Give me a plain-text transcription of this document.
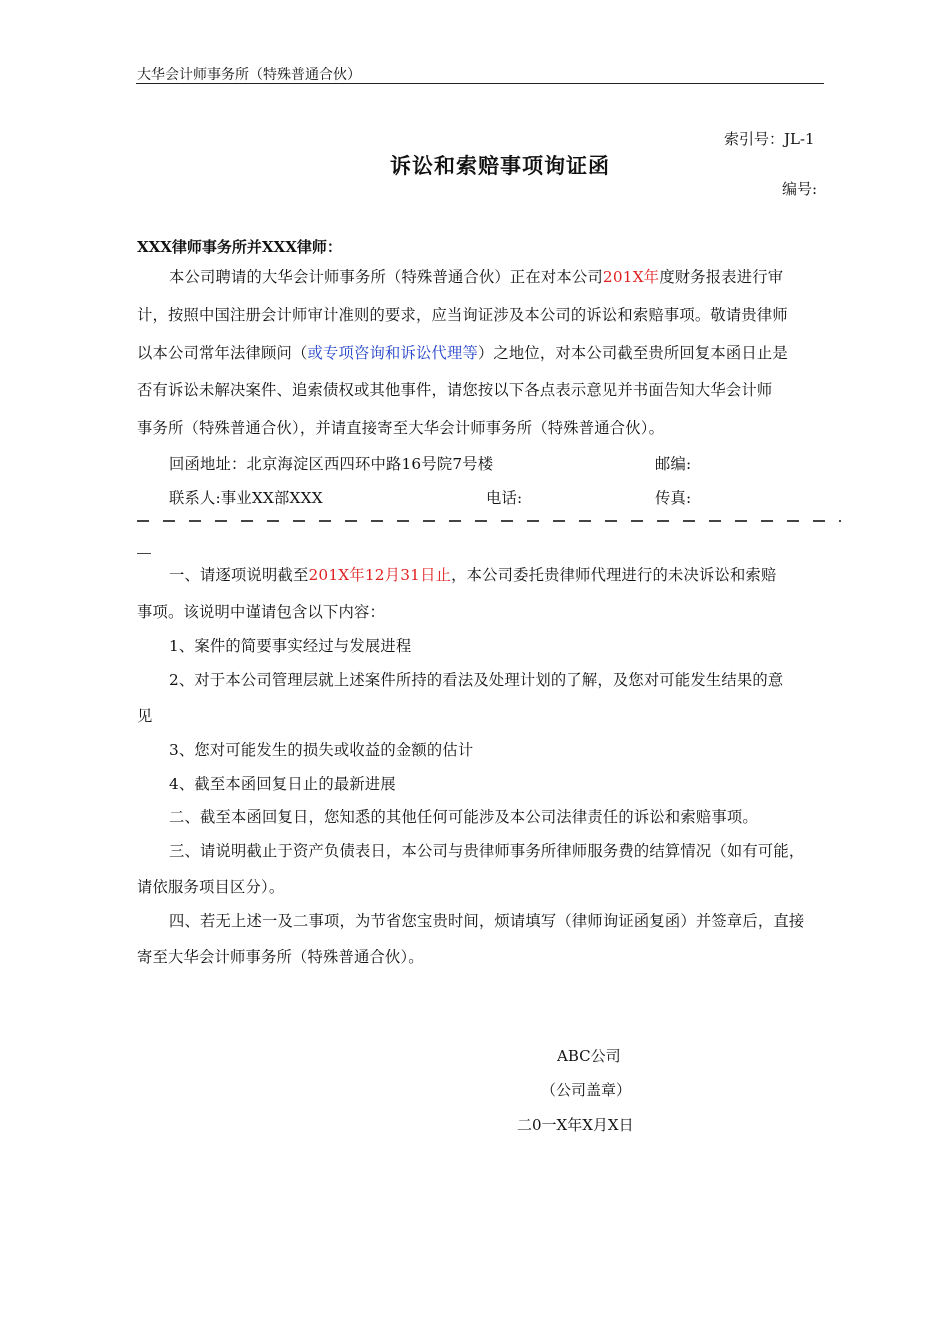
大华会计师事务所（特殊普通合伙）
索引号：JL-1
诉讼和索赔事项询证函
编号:
XXX律师事务所并XXX律师：
本公司聘请的大华会计师事务所（特殊普通合伙）正在对本公司201X年度财务报表进行审
计，按照中国注册会计师审计准则的要求，应当询证涉及本公司的诉讼和索赔事项。敬请贵律师
以本公司常年法律顾问（或专项咨询和诉讼代理等）之地位，对本公司截至贵所回复本函日止是
否有诉讼未解决案件、追索债权或其他事件，请您按以下各点表示意见并书面告知大华会计师
事务所（特殊普通合伙），并请直接寄至大华会计师事务所（特殊普通合伙）。
回函地址：北京海淀区西四环中路16号院7号楼	邮编:
联系人:事业XX部XXX	电话:	传真:
一、请逐项说明截至201X年12月31日止，本公司委托贵律师代理进行的未决诉讼和索赔
事项。该说明中谨请包含以下内容：
1、案件的简要事实经过与发展进程
2、对于本公司管理层就上述案件所持的看法及处理计划的了解，及您对可能发生结果的意
见
3、您对可能发生的损失或收益的金额的估计
4、截至本函回复日止的最新进展
二、截至本函回复日，您知悉的其他任何可能涉及本公司法律责任的诉讼和索赔事项。
三、请说明截止于资产负债表日，本公司与贵律师事务所律师服务费的结算情况（如有可能，
请依服务项目区分）。
四、若无上述一及二事项，为节省您宝贵时间，烦请填写（律师询证函复函）并签章后，直接
寄至大华会计师事务所（特殊普通合伙）。
ABC公司
（公司盖章）
二0一X年X月X日
